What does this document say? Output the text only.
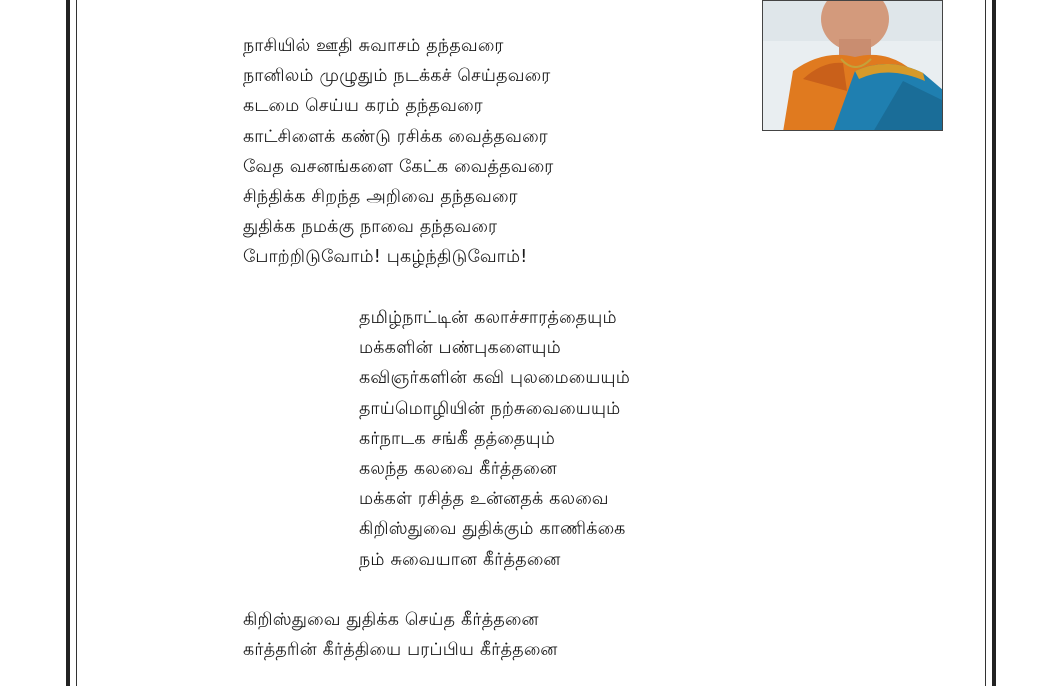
நாசியில் ஊதி சுவாசம் தந்தவரை
நானிலம் முழுதும் நடக்கச் செய்தவரை
கடமை செய்ய கரம் தந்தவரை
காட்சிளைக் கண்டு ரசிக்க வைத்தவரை
வேத வசனங்களை கேட்க வைத்தவரை
சிந்திக்க சிறந்த அறிவை தந்தவரை
துதிக்க நமக்கு நாவை தந்தவரை
போற்றிடுவோம்! புகழ்ந்திடுவோம்!
தமிழ்நாட்டின் கலாச்சாரத்தையும்
மக்களின் பண்புகளையும்
கவிஞர்களின் கவி புலமையையும்
தாய்மொழியின் நற்சுவையையும்
கர்நாடக சங்கீ தத்தையும்
கலந்த கலவை கீர்த்தனை
மக்கள் ரசித்த உன்னதக் கலவை
கிறிஸ்துவை துதிக்கும் காணிக்கை
நம் சுவையான கீர்த்தனை
கிறிஸ்துவை துதிக்க செய்த கீர்த்தனை
கர்த்தரின் கீர்த்தியை பரப்பிய கீர்த்தனை
